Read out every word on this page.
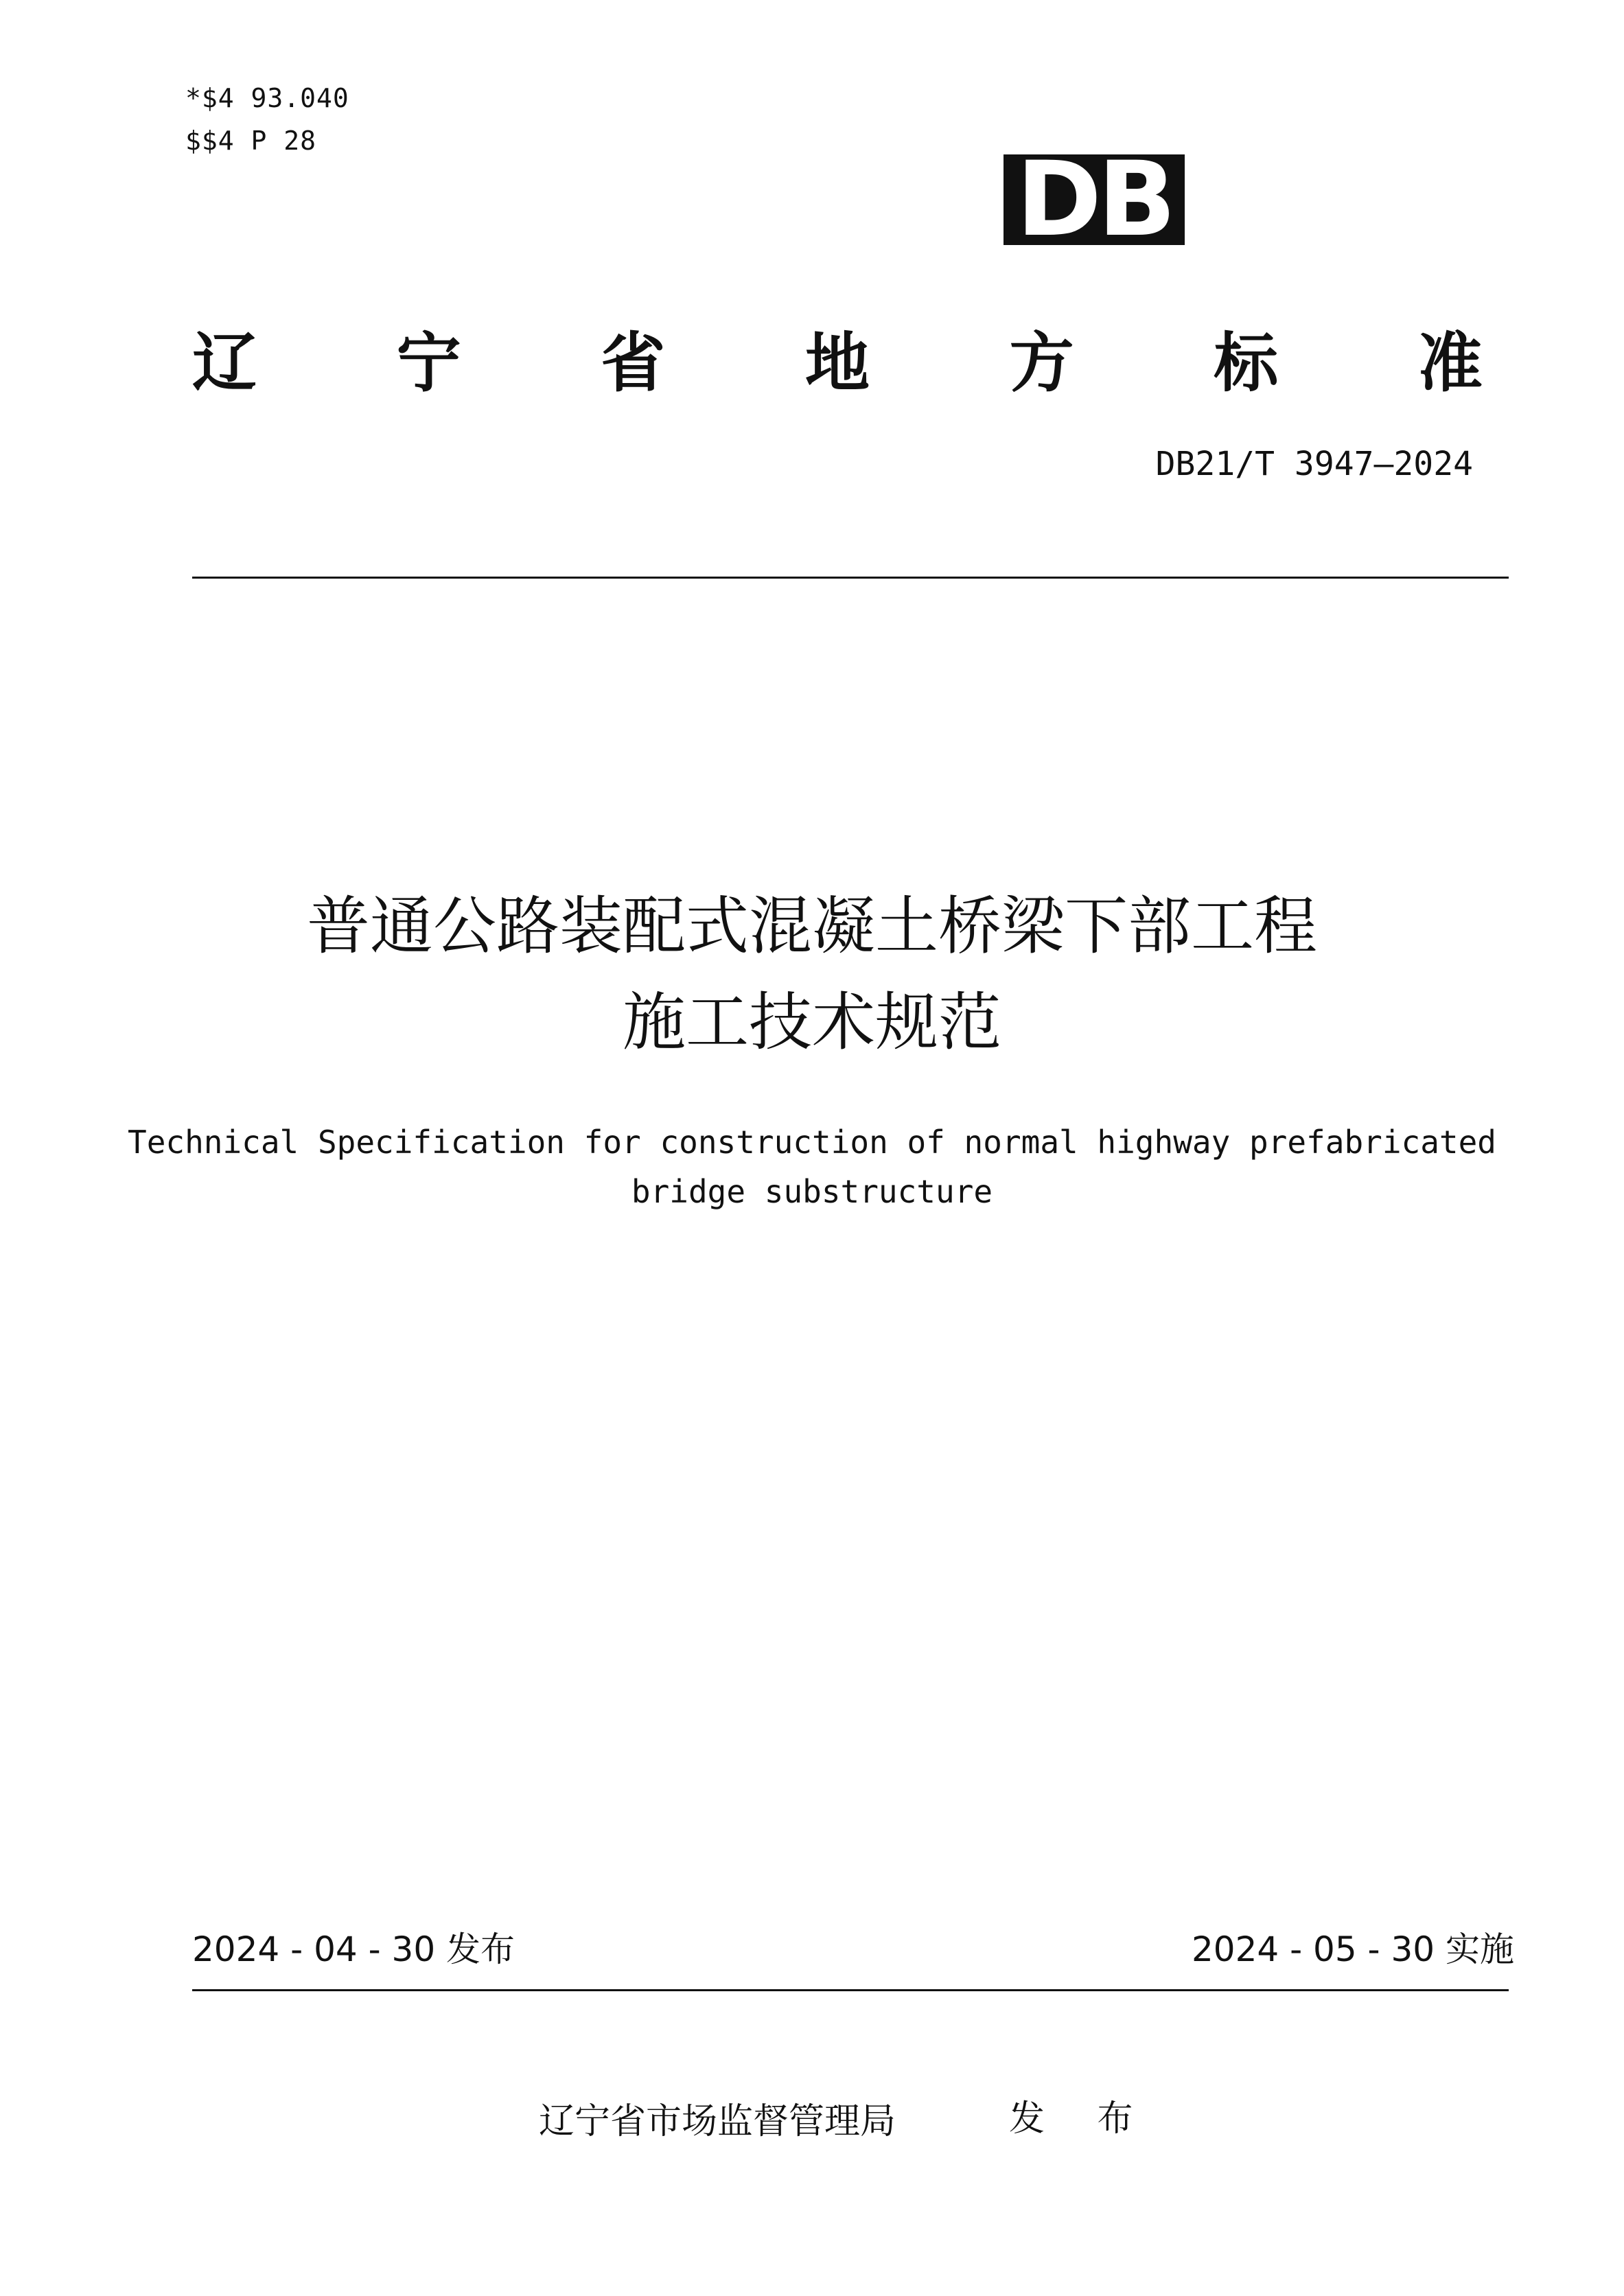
*$4 93.040
$$4 P 28	DB
辽 宁 省 地 方 标 准
DB21/T 3947—2024
普通公路装配式混凝土桥梁下部工程
施工技术规范
Technical Specification for construction of normal highway prefabricated
bridge substructure
2024 - 04 - 30 发布	2024 - 05 - 30 实施
辽宁省市场监督管理局	发 布
